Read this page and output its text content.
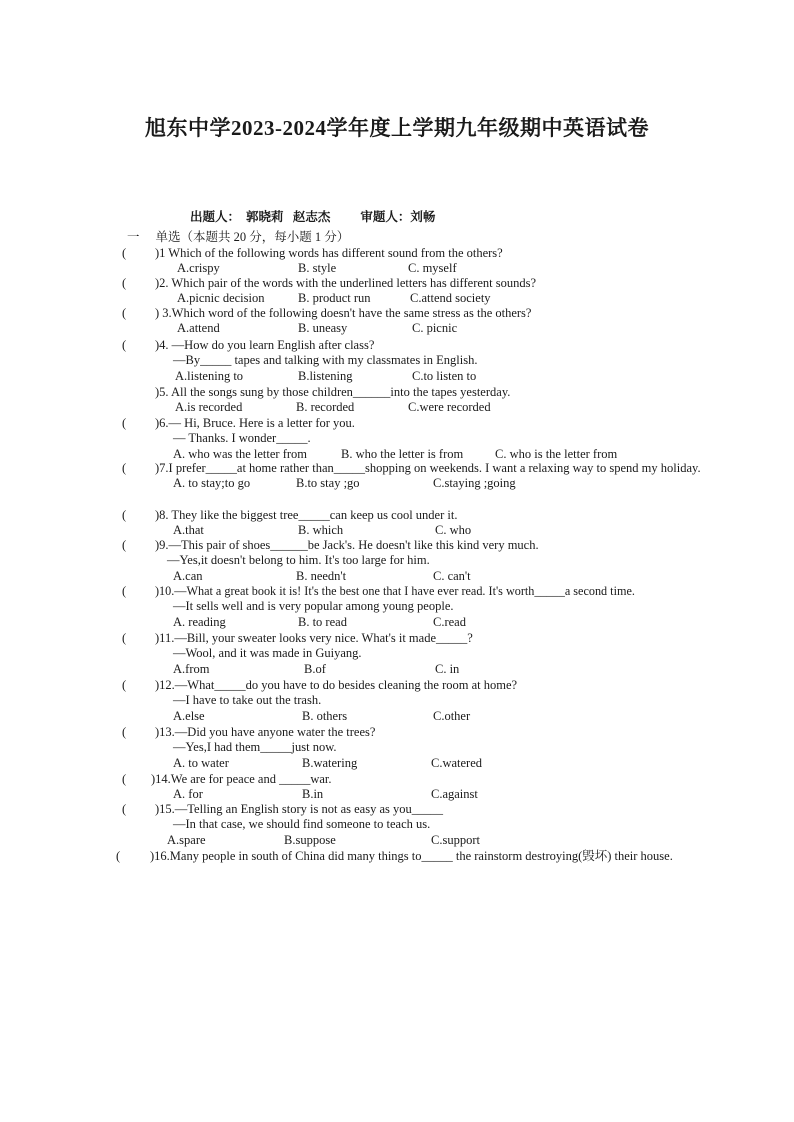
旭东中学2023-2024学年度上学期九年级期中英语试卷
出题人： 郭晓莉   赵志杰 审题人：刘畅
一 单选（本题共 20 分，每小题 1 分）
( )1 Which of the following words has different sound from the others?
A.crispy	B. style	C. myself
( )2. Which pair of the words with the underlined letters has different sounds?
A.picnic decision	B. product run	C.attend society
( ) 3.Which word of the following doesn't have the same stress as the others?
A.attend	B. uneasy	C. picnic
( )4. —How do you learn English after class?
—By_____ tapes and talking with my classmates in English.
A.listening to	B.listening	C.to listen to
)5. All the songs sung by those children______into the tapes yesterday.
A.is recorded	B. recorded	C.were recorded
( )6.— Hi, Bruce. Here is a letter for you.
— Thanks. I wonder_____.
A. who was the letter from	B. who the letter is from	C. who is the letter from
( )7.I prefer_____at home rather than_____shopping on weekends. I want a relaxing way to spend my holiday.
A. to stay;to go	B.to stay ;go	C.staying ;going
( )8. They like the biggest tree_____can keep us cool under it.
A.that	B. which	C. who
( )9.—This pair of shoes______be Jack's. He doesn't like this kind very much.
—Yes,it doesn't belong to him. It's too large for him.
A.can	B. needn't	C. can't
( )10.—What a great book it is! It's the best one that I have ever read. It's worth_____a second time.
—It sells well and is very popular among young people.
A. reading	B. to read	C.read
( )11.—Bill, your sweater looks very nice. What's it made_____?
—Wool, and it was made in Guiyang.
A.from	B.of	C. in
( )12.—What_____do you have to do besides cleaning the room at home?
—I have to take out the trash.
A.else	B. others	C.other
( )13.—Did you have anyone water the trees?
—Yes,I had them_____just now.
A. to water	B.watering	C.watered
( )14.We are for peace and _____war.
A. for	B.in	C.against
( )15.—Telling an English story is not as easy as you_____
—In that case, we should find someone to teach us.
A.spare	B.suppose	C.support
( )16.Many people in south of China did many things to_____ the rainstorm destroying(毁坏) their house.
